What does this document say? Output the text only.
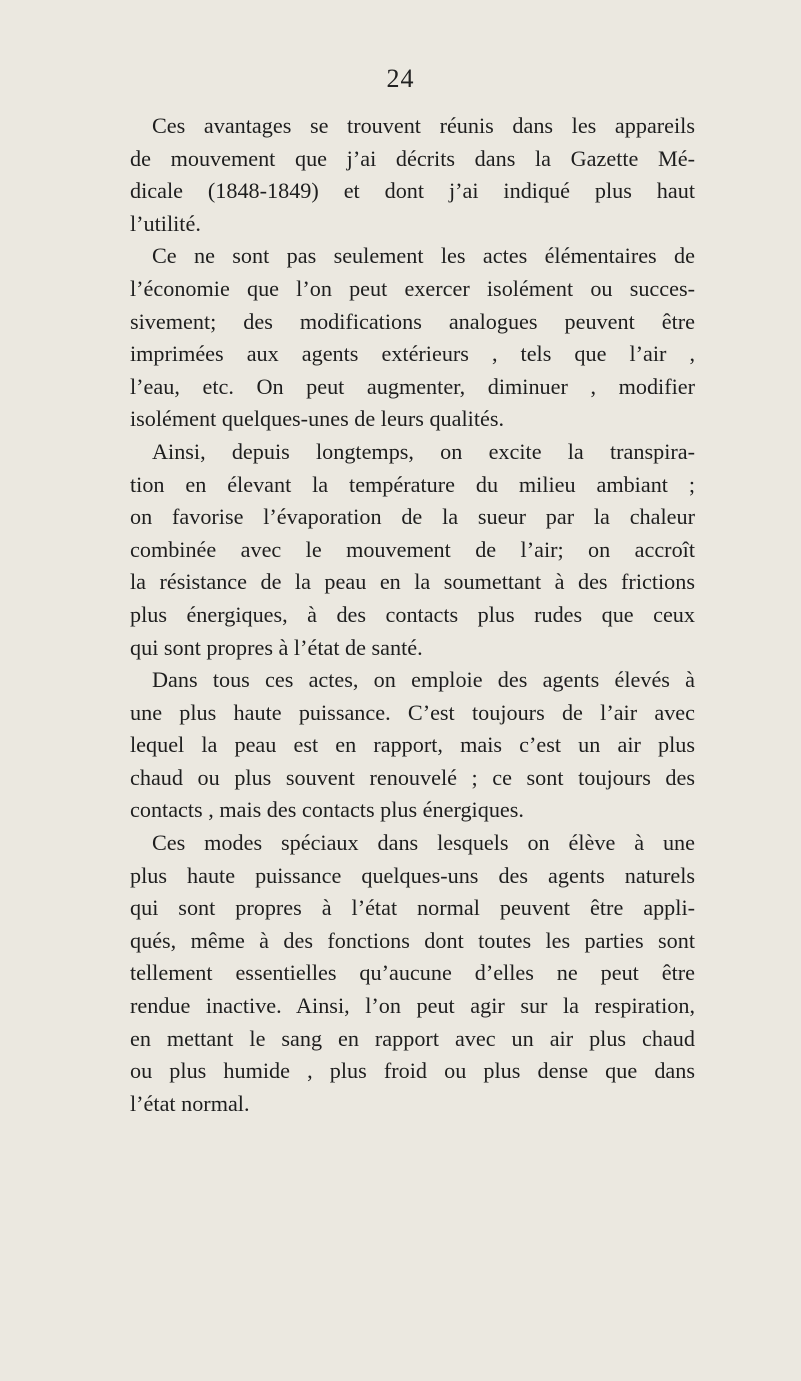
24
Ces avantages se trouvent réunis dans les appareils
de mouvement que j’ai décrits dans la Gazette Mé-
dicale (1848-1849) et dont j’ai indiqué plus haut
l’utilité.
Ce ne sont pas seulement les actes élémentaires de
l’économie que l’on peut exercer isolément ou succes-
sivement; des modifications analogues peuvent être
imprimées aux agents extérieurs , tels que l’air ,
l’eau, etc. On peut augmenter, diminuer , modifier
isolément quelques-unes de leurs qualités.
Ainsi, depuis longtemps, on excite la transpira-
tion en élevant la température du milieu ambiant ;
on favorise l’évaporation de la sueur par la chaleur
combinée avec le mouvement de l’air; on accroît
la résistance de la peau en la soumettant à des frictions
plus énergiques, à des contacts plus rudes que ceux
qui sont propres à l’état de santé.
Dans tous ces actes, on emploie des agents élevés à
une plus haute puissance. C’est toujours de l’air avec
lequel la peau est en rapport, mais c’est un air plus
chaud ou plus souvent renouvelé ; ce sont toujours des
contacts , mais des contacts plus énergiques.
Ces modes spéciaux dans lesquels on élève à une
plus haute puissance quelques-uns des agents naturels
qui sont propres à l’état normal peuvent être appli-
qués, même à des fonctions dont toutes les parties sont
tellement essentielles qu’aucune d’elles ne peut être
rendue inactive. Ainsi, l’on peut agir sur la respiration,
en mettant le sang en rapport avec un air plus chaud
ou plus humide , plus froid ou plus dense que dans
l’état normal.
